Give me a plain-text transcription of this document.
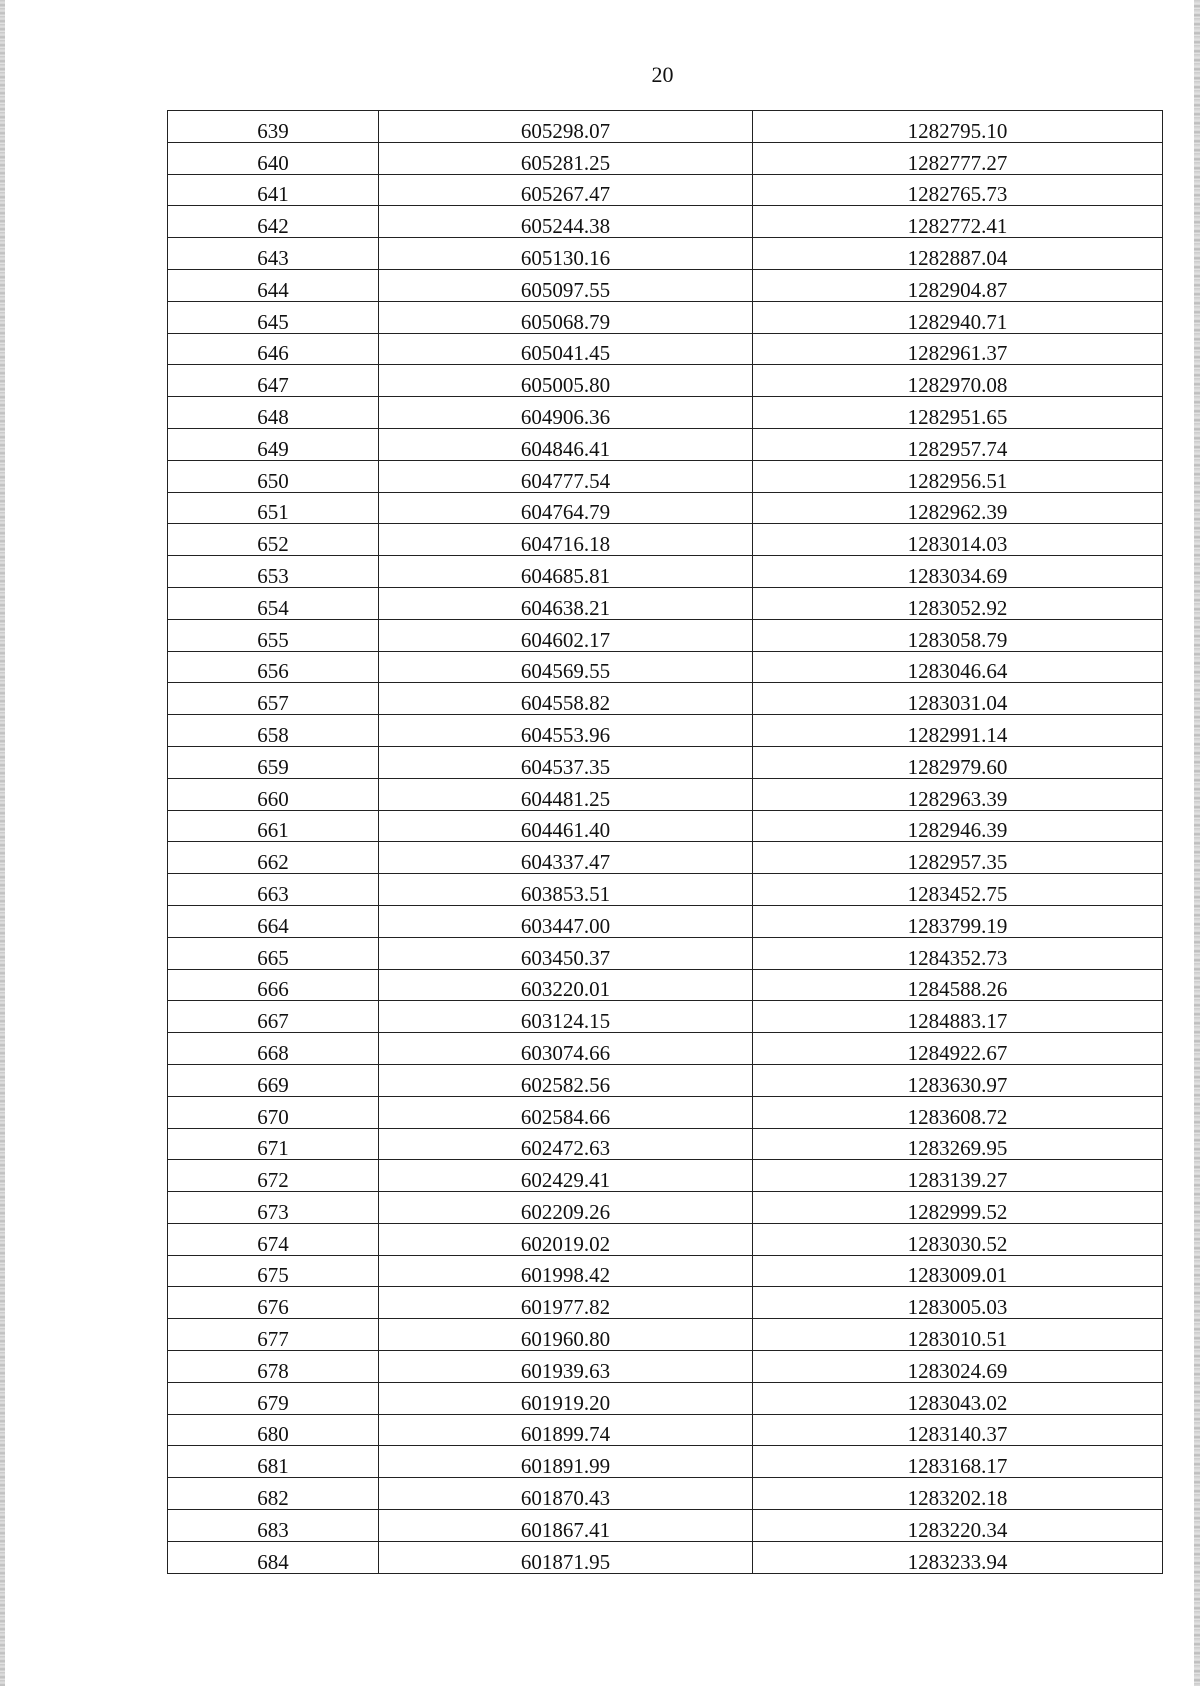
20
639	605298.07	1282795.10
640	605281.25	1282777.27
641	605267.47	1282765.73
642	605244.38	1282772.41
643	605130.16	1282887.04
644	605097.55	1282904.87
645	605068.79	1282940.71
646	605041.45	1282961.37
647	605005.80	1282970.08
648	604906.36	1282951.65
649	604846.41	1282957.74
650	604777.54	1282956.51
651	604764.79	1282962.39
652	604716.18	1283014.03
653	604685.81	1283034.69
654	604638.21	1283052.92
655	604602.17	1283058.79
656	604569.55	1283046.64
657	604558.82	1283031.04
658	604553.96	1282991.14
659	604537.35	1282979.60
660	604481.25	1282963.39
661	604461.40	1282946.39
662	604337.47	1282957.35
663	603853.51	1283452.75
664	603447.00	1283799.19
665	603450.37	1284352.73
666	603220.01	1284588.26
667	603124.15	1284883.17
668	603074.66	1284922.67
669	602582.56	1283630.97
670	602584.66	1283608.72
671	602472.63	1283269.95
672	602429.41	1283139.27
673	602209.26	1282999.52
674	602019.02	1283030.52
675	601998.42	1283009.01
676	601977.82	1283005.03
677	601960.80	1283010.51
678	601939.63	1283024.69
679	601919.20	1283043.02
680	601899.74	1283140.37
681	601891.99	1283168.17
682	601870.43	1283202.18
683	601867.41	1283220.34
684	601871.95	1283233.94
